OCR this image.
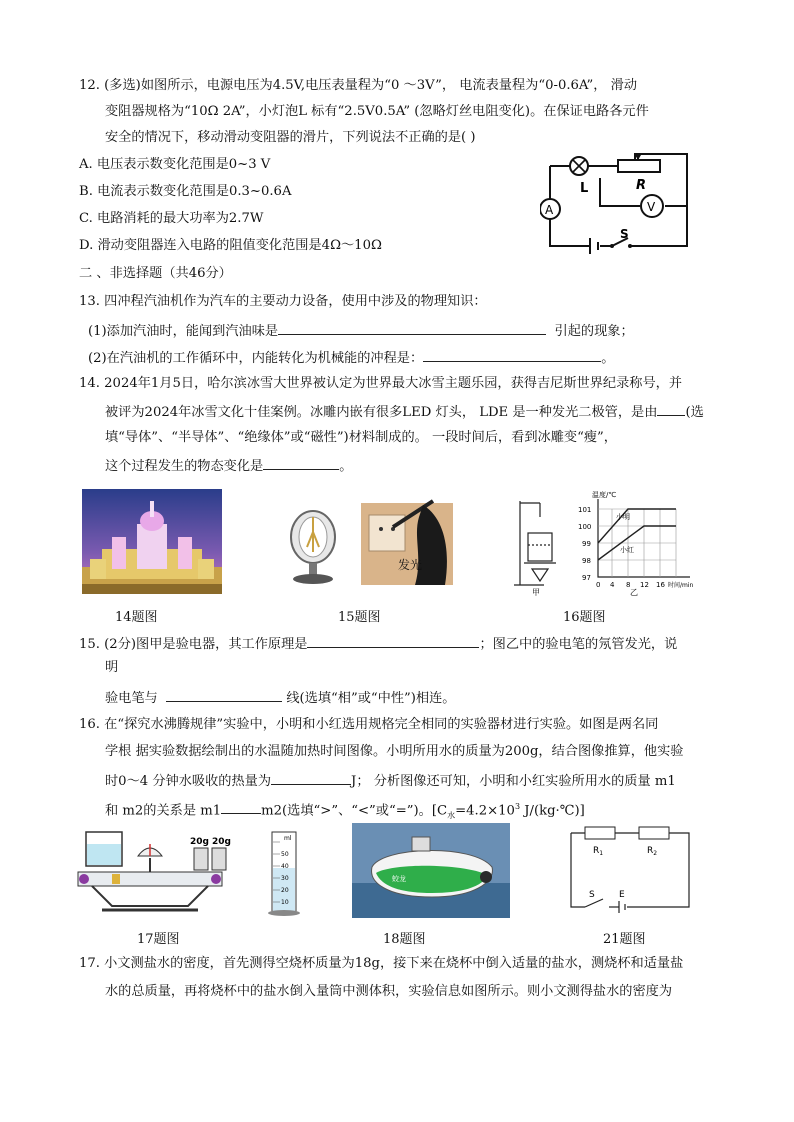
12. (多选)如图所示，电源电压为4.5V,电压表量程为“0 ～3V”， 电流表量程为“0-0.6A”， 滑动
变阻器规格为“10Ω 2A”，小灯泡L 标有“2.5V0.5A” (忽略灯丝电阻变化)。在保证电路各元件
安全的情况下，移动滑动变阻器的滑片，下列说法不正确的是( )
A. 电压表示数变化范围是0~3 V
B. 电流表示数变化范围是0.3~0.6A
C. 电路消耗的最大功率为2.7W
D. 滑动变阻器连入电路的阻值变化范围是4Ω～10Ω
L	R
A	V
S
二 、非选择题（共46分）
13. 四冲程汽油机作为汽车的主要动力设备，使用中涉及的物理知识：
(1)添加汽油时，能闻到汽油味是	引起的现象；
(2)在汽油机的工作循环中，内能转化为机械能的冲程是：	。
14. 2024年1月5日，哈尔滨冰雪大世界被认定为世界最大冰雪主题乐园，获得吉尼斯世界纪录称号，并
被评为2024年冰雪文化十佳案例。冰雕内嵌有很多LED 灯头， LDE 是一种发光二极管，是由 (选
填“导体”、“半导体”、“绝缘体”或“磁性”)材料制成的。 一段时间后，看到冰雕变“瘦”，
这个过程发生的物态变化是	。
14题图
发光
15题图
甲
温度/℃
101
100
99
98
97
0 4 8 12 16 时间/min
小明
小红
乙
16题图
15. (2分)图甲是验电器，其工作原理是	；图乙中的验电笔的氖管发光，说
明
验电笔与	线(选填“相”或“中性”)相连。
16. 在“探究水沸腾规律”实验中，小明和小红选用规格完全相同的实验器材进行实验。如图是两名同
学根 据实验数据绘制出的水温随加热时间图像。小明所用水的质量为200g，结合图像推算，他实验
时0～4 分钟水吸收的热量为	J； 分析图像还可知，小明和小红实验所用水的质量 m1
和 m2的关系是 m1	m2(选填“>”、“<”或“=”)。[$C_水=4.2\times 10^3$ J/(kg·℃)]
20g 20g	ml
50
40
30
20
10
17题图
蛟龙
18题图
$R_1$	$R_2$
S	E
21题图
17. 小文测盐水的密度，首先测得空烧杯质量为18g，接下来在烧杯中倒入适量的盐水，测烧杯和适量盐
水的总质量，再将烧杯中的盐水倒入量筒中测体积，实验信息如图所示。则小文测得盐水的密度为
